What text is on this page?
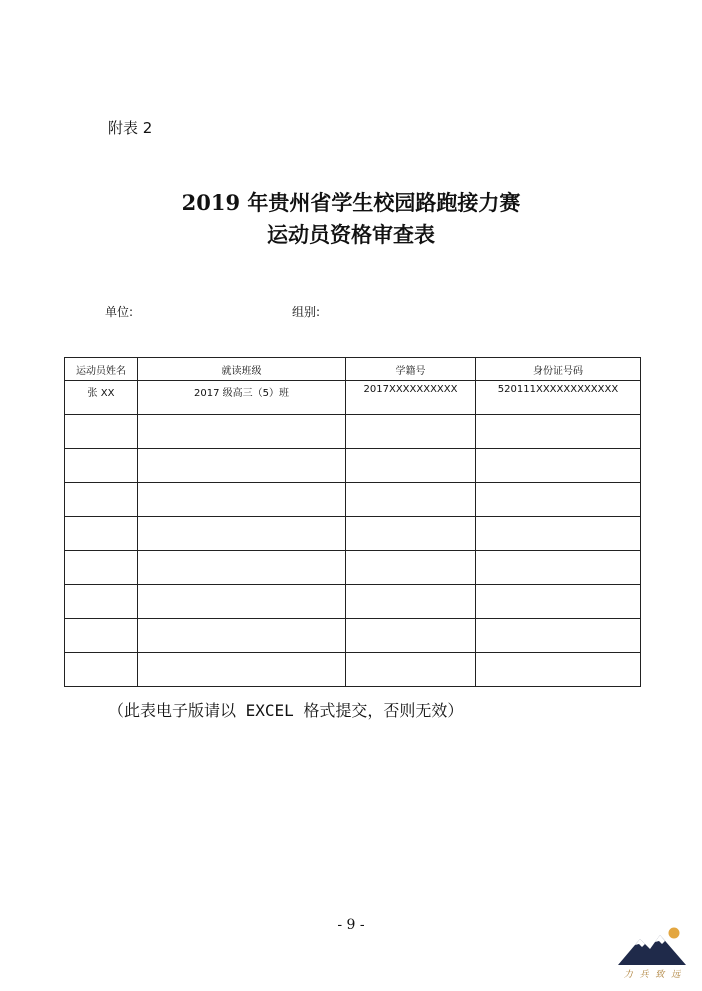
附表 2
2019 年贵州省学生校园路跑接力赛
运动员资格审查表
单位:	组别:
运动员姓名	就读班级	学籍号	身份证号码
张 XX	2017 级高三（5）班	2017XXXXXXXXXX	520111XXXXXXXXXXXX

（此表电子版请以 EXCEL 格式提交，否则无效）
- 9 -
力 兵 致 远
